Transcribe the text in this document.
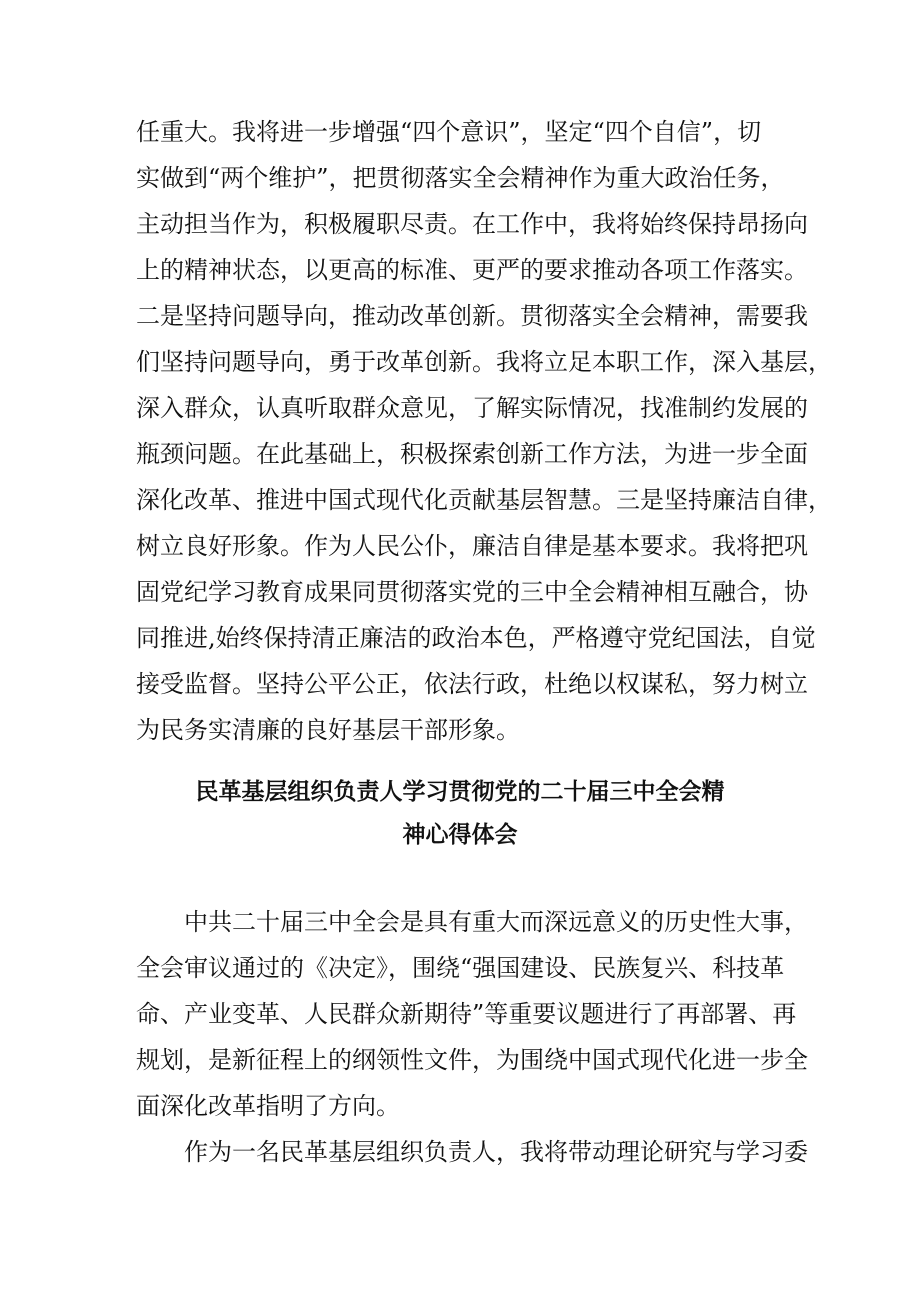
任重大。我将进一步增强“四个意识”，坚定“四个自信”，切
实做到“两个维护”，把贯彻落实全会精神作为重大政治任务，
主动担当作为，积极履职尽责。在工作中，我将始终保持昂扬向
上的精神状态，以更高的标准、更严的要求推动各项工作落实。
二是坚持问题导向，推动改革创新。贯彻落实全会精神，需要我
们坚持问题导向，勇于改革创新。我将立足本职工作，深入基层，
深入群众，认真听取群众意见，了解实际情况，找准制约发展的
瓶颈问题。在此基础上，积极探索创新工作方法，为进一步全面
深化改革、推进中国式现代化贡献基层智慧。三是坚持廉洁自律，
树立良好形象。作为人民公仆，廉洁自律是基本要求。我将把巩
固党纪学习教育成果同贯彻落实党的三中全会精神相互融合，协
同推进,始终保持清正廉洁的政治本色，严格遵守党纪国法，自觉
接受监督。坚持公平公正，依法行政，杜绝以权谋私，努力树立
为民务实清廉的良好基层干部形象。
民革基层组织负责人学习贯彻党的二十届三中全会精
神心得体会
中共二十届三中全会是具有重大而深远意义的历史性大事，
全会审议通过的《决定》，围绕“强国建设、民族复兴、科技革
命、产业变革、人民群众新期待”等重要议题进行了再部署、再
规划，是新征程上的纲领性文件，为围绕中国式现代化进一步全
面深化改革指明了方向。
作为一名民革基层组织负责人，我将带动理论研究与学习委
